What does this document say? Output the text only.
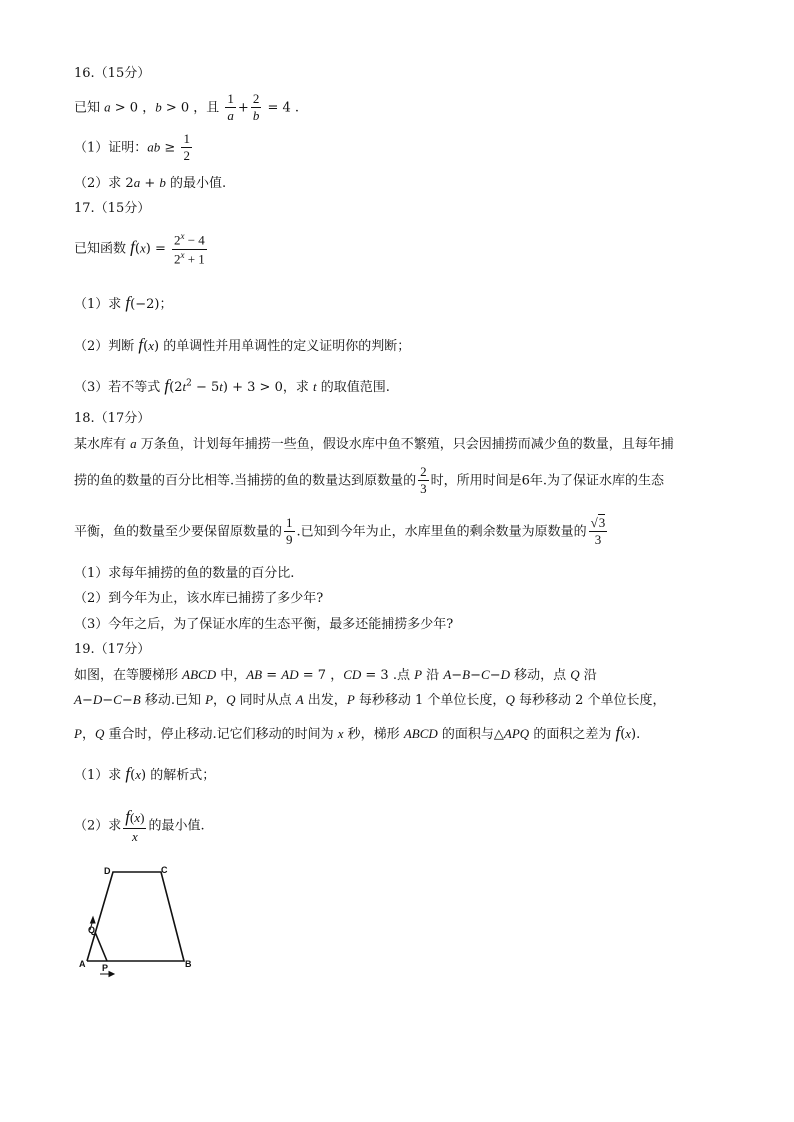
16.（15分）
已知 a > 0 ，b > 0 ，且 $\frac{1}{a} + \frac{2}{b} = 4$ .
（1）证明：ab ≥ $\frac{1}{2}$
（2）求 2a + b 的最小值.
17.（15分）
已知函数 $f(x) = \frac{2^x - 4}{2^x + 1}$
（1）求 f(−2)；
（2）判断 f(x) 的单调性并用单调性的定义证明你的判断；
（3）若不等式 $f(2t^2 - 5t) + 3 > 0$，求 t 的取值范围.
18.（17分）
某水库有 a 万条鱼，计划每年捕捞一些鱼，假设水库中鱼不繁殖，只会因捕捞而减少鱼的数量，且每年捕
捞的鱼的数量的百分比相等.当捕捞的鱼的数量达到原数量的 $\frac{2}{3}$ 时，所用时间是6年.为了保证水库的生态
平衡，鱼的数量至少要保留原数量的 $\frac{1}{9}$ .已知到今年为止，水库里鱼的剩余数量为原数量的 $\frac{√3}{3}$
（1）求每年捕捞的鱼的数量的百分比.
（2）到今年为止，该水库已捕捞了多少年?
（3）今年之后，为了保证水库的生态平衡，最多还能捕捞多少年?
19.（17分）
如图，在等腰梯形 ABCD 中，AB = AD = 7 ，CD = 3 .点 P 沿 A−B−C−D 移动，点 Q 沿
A−D−C−B 移动.已知 P，Q 同时从点 A 出发，P 每秒移动 1 个单位长度，Q 每秒移动 2 个单位长度，
P，Q 重合时，停止移动.记它们移动的时间为 x 秒，梯形 ABCD 的面积与△APQ 的面积之差为 f(x).
（1）求 f(x) 的解析式；
（2）求 $\frac{f(x)}{x}$ 的最小值.
D	C
Q
A P	B
